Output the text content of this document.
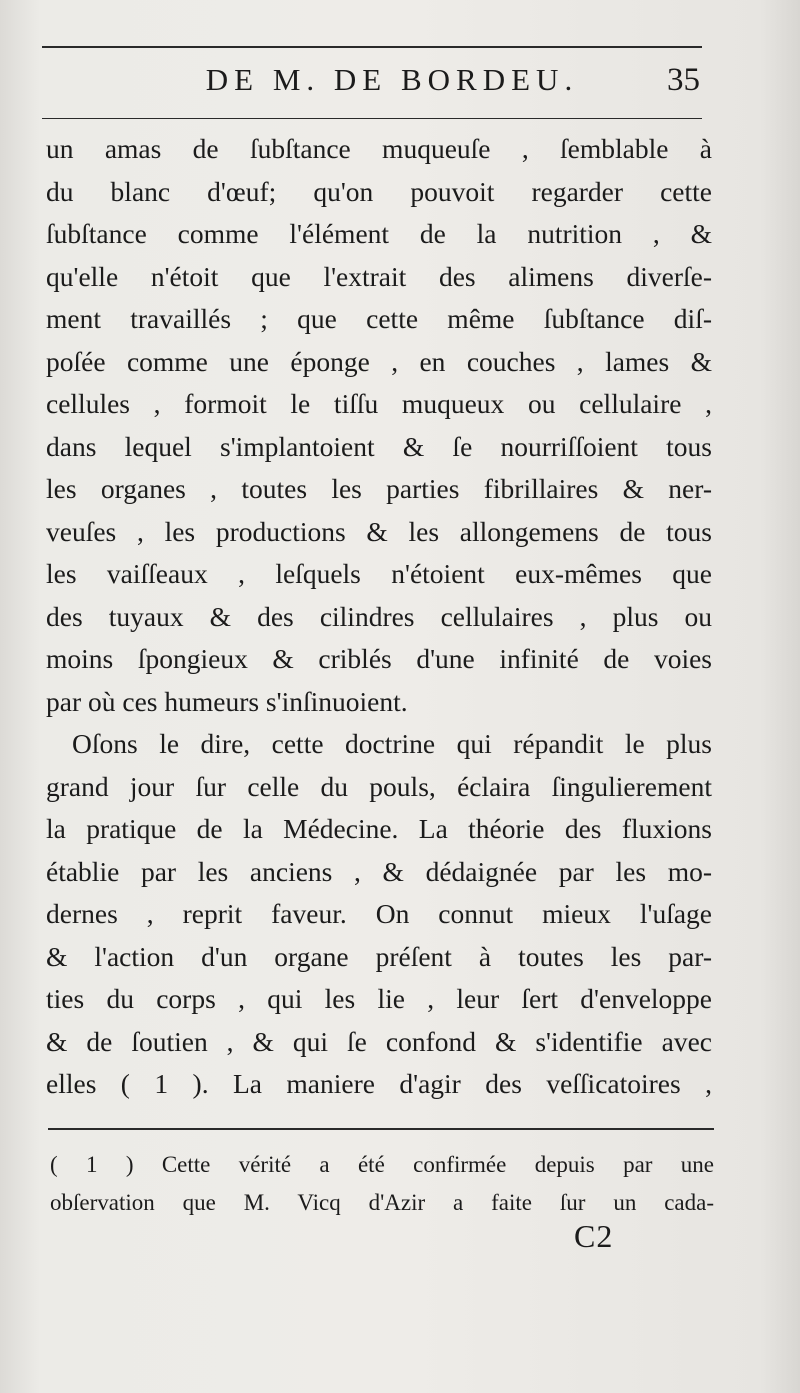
DE M. DE BORDEU.	35
un amas de ſubſtance muqueuſe , ſemblable à
du blanc d'œuf; qu'on pouvoit regarder cette
ſubſtance comme l'élément de la nutrition , &
qu'elle n'étoit que l'extrait des alimens diverſe-
ment travaillés ; que cette même ſubſtance diſ-
poſée comme une éponge , en couches , lames &
cellules , formoit le tiſſu muqueux ou cellulaire ,
dans lequel s'implantoient & ſe nourriſſoient tous
les organes , toutes les parties fibrillaires & ner-
veuſes , les productions & les allongemens de tous
les vaiſſeaux , leſquels n'étoient eux-mêmes que
des tuyaux & des cilindres cellulaires , plus ou
moins ſpongieux & criblés d'une infinité de voies
par où ces humeurs s'inſinuoient.
Oſons le dire, cette doctrine qui répandit le plus
grand jour ſur celle du pouls, éclaira ſingulierement
la pratique de la Médecine. La théorie des fluxions
établie par les anciens , & dédaignée par les mo-
dernes , reprit faveur. On connut mieux l'uſage
& l'action d'un organe préſent à toutes les par-
ties du corps , qui les lie , leur ſert d'enveloppe
& de ſoutien , & qui ſe confond & s'identifie avec
elles ( 1 ). La maniere d'agir des veſſicatoires ,
( 1 ) Cette vérité a été confirmée depuis par une
obſervation que M. Vicq d'Azir a faite ſur un cada-
C2
